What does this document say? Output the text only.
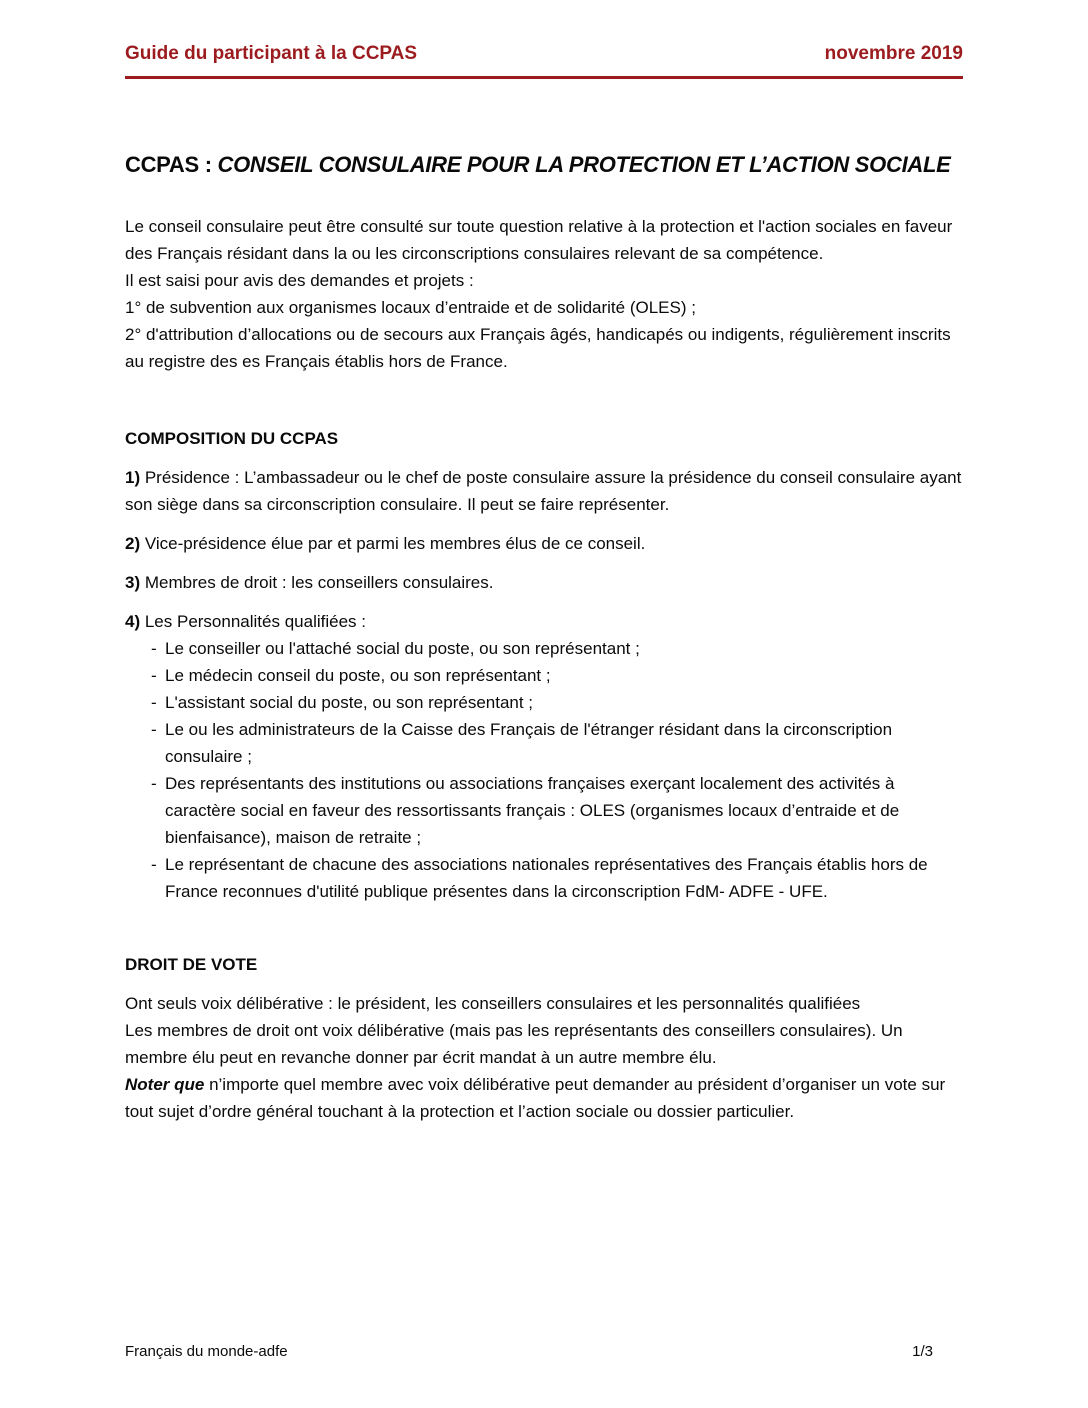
Guide du participant à la CCPAS	novembre 2019
CCPAS : CONSEIL CONSULAIRE POUR LA PROTECTION ET L’ACTION SOCIALE
Le conseil consulaire peut être consulté sur toute question relative à la protection et l'action sociales en faveur des Français résidant dans la ou les circonscriptions consulaires relevant de sa compétence.
Il est saisi pour avis des demandes et projets :
1° de subvention aux organismes locaux d’entraide et de solidarité (OLES) ;
2° d'attribution d’allocations ou de secours aux Français âgés, handicapés ou indigents, régulièrement inscrits au registre des es Français établis hors de France.
COMPOSITION DU CCPAS
1) Présidence : L’ambassadeur ou le chef de poste consulaire assure la présidence du conseil consulaire ayant son siège dans sa circonscription consulaire. Il peut se faire représenter.
2) Vice-présidence élue par et parmi les membres élus de ce conseil.
3) Membres de droit : les conseillers consulaires.
4) Les Personnalités qualifiées :
- Le conseiller ou l'attaché social du poste, ou son représentant ;
- Le médecin conseil du poste, ou son représentant ;
- L'assistant social du poste, ou son représentant ;
- Le ou les administrateurs de la Caisse des Français de l'étranger résidant dans la circonscription consulaire ;
- Des représentants des institutions ou associations françaises exerçant localement des activités à caractère social en faveur des ressortissants français : OLES (organismes locaux d’entraide et de bienfaisance), maison de retraite ;
- Le représentant de chacune des associations nationales représentatives des Français établis hors de France reconnues d'utilité publique présentes dans la circonscription FdM- ADFE - UFE.
DROIT DE VOTE
Ont seuls voix délibérative : le président, les conseillers consulaires et les personnalités qualifiées
Les membres de droit ont voix délibérative (mais pas les représentants des conseillers consulaires). Un membre élu peut en revanche donner par écrit mandat à un autre membre élu.
Noter que n’importe quel membre avec voix délibérative peut demander au président d’organiser un vote sur tout sujet d’ordre général touchant à la protection et l’action sociale ou dossier particulier.
Français du monde-adfe	1/3
